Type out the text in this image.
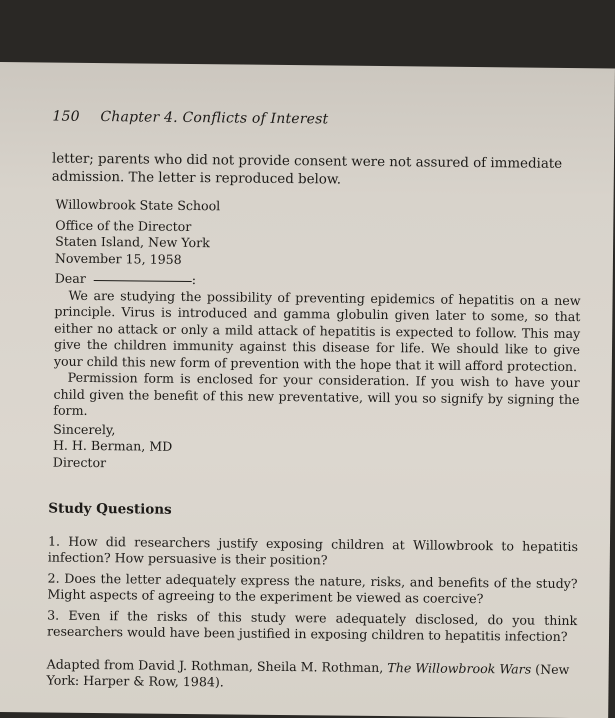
150 Chapter 4. Conflicts of Interest

letter; parents who did not provide consent were not assured of immediate admission. The letter is reproduced below.

Willowbrook State School

Office of the Director

Staten Island, New York

November 15, 1958

Dear	:

We are studying the possibility of preventing epidemics of hepatitis on a new principle. Virus is introduced and gamma globulin given later to some, so that either no attack or only a mild attack of hepatitis is expected to follow. This may give the children immunity against this disease for life. We should like to give your child this new form of prevention with the hope that it will afford protection.

Permission form is enclosed for your consideration. If you wish to have your child given the benefit of this new preventative, will you so signify by signing the form.

Sincerely,

H. H. Berman, MD

Director

Study Questions

1. How did researchers justify exposing children at Willowbrook to hepatitis infection? How persuasive is their position?

2. Does the letter adequately express the nature, risks, and benefits of the study? Might aspects of agreeing to the experiment be viewed as coercive?

3. Even if the risks of this study were adequately disclosed, do you think researchers would have been justified in exposing children to hepatitis infection?

Adapted from David J. Rothman, Sheila M. Rothman, The Willowbrook Wars (New York: Harper & Row, 1984).
